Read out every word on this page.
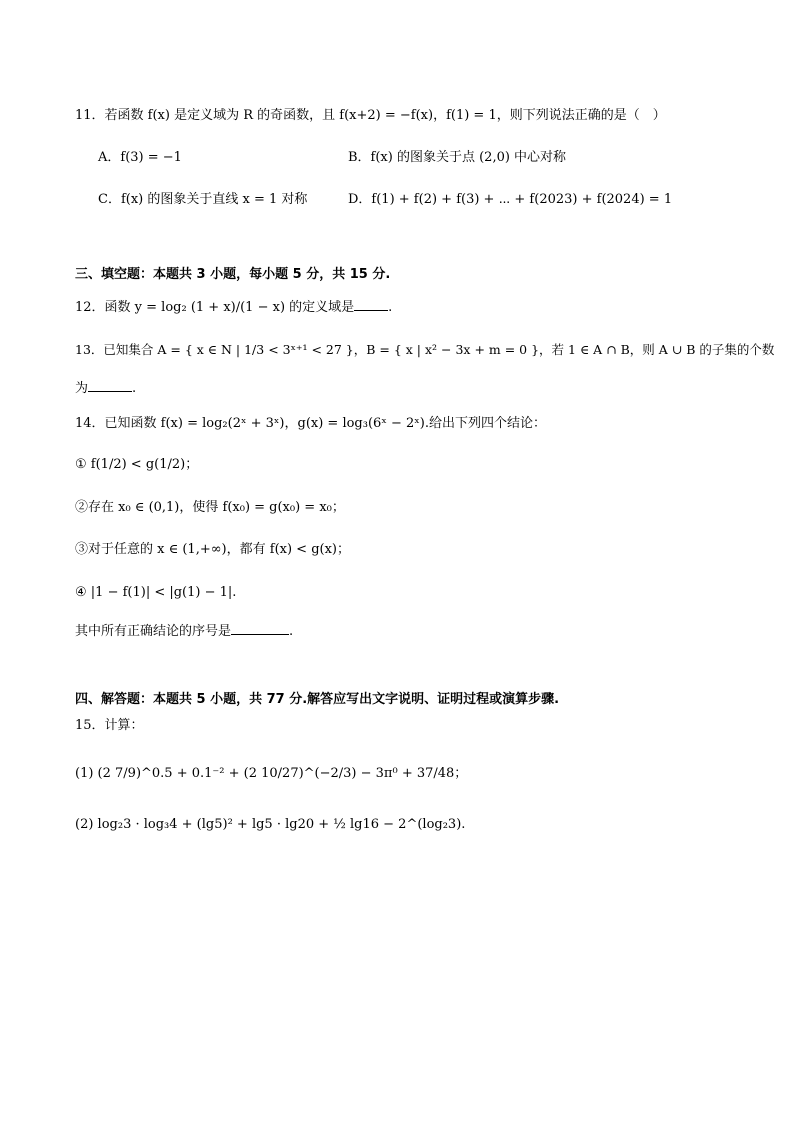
11．若函数 f(x) 是定义域为 R 的奇函数，且 f(x+2) = −f(x)，f(1) = 1，则下列说法正确的是（　）
A．f(3) = −1	B．f(x) 的图象关于点 (2,0) 中心对称
C．f(x) 的图象关于直线 x = 1 对称	D．f(1) + f(2) + f(3) + ⋯ + f(2023) + f(2024) = 1
三、填空题：本题共 3 小题，每小题 5 分，共 15 分.
12．函数 y = log₂ (1 + x)/(1 − x) 的定义域是	.
13．已知集合 A = { x ∈ N | 1/3 < 3ˣ⁺¹ < 27 }，B = { x | x² − 3x + m = 0 }，若 1 ∈ A ∩ B，则 A ∪ B 的子集的个数
为	.
14．已知函数 f(x) = log₂(2ˣ + 3ˣ)，g(x) = log₃(6ˣ − 2ˣ).给出下列四个结论：
① f(1/2) < g(1/2)；
②存在 x₀ ∈ (0,1)，使得 f(x₀) = g(x₀) = x₀；
③对于任意的 x ∈ (1,+∞)，都有 f(x) < g(x)；
④ |1 − f(1)| < |g(1) − 1|.
其中所有正确结论的序号是	.
四、解答题：本题共 5 小题，共 77 分.解答应写出文字说明、证明过程或演算步骤.
15．计算：
(1) (2 7/9)^0.5 + 0.1⁻² + (2 10/27)^(−2/3) − 3π⁰ + 37/48；
(2) log₂3 · log₃4 + (lg5)² + lg5 · lg20 + ½ lg16 − 2^(log₂3).
